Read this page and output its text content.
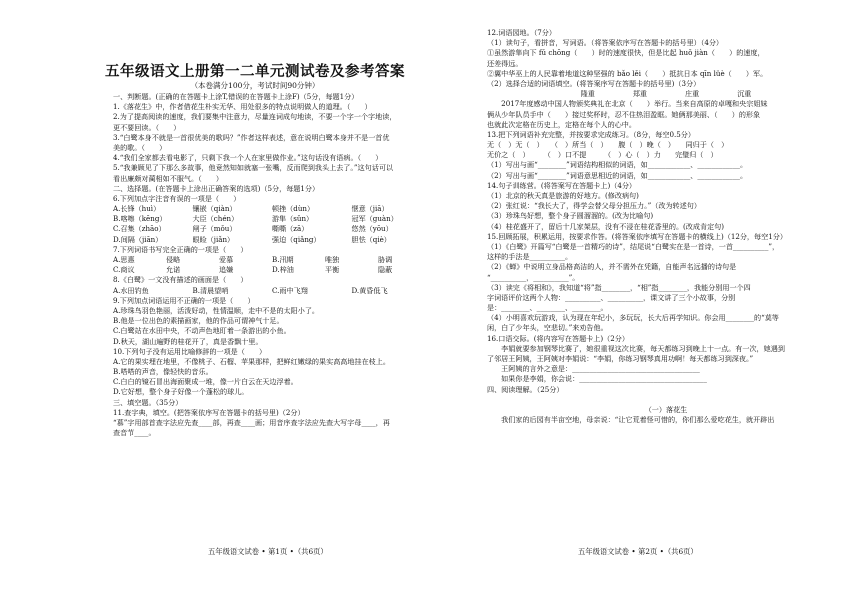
五年级语文上册第一二单元测试卷及参考答案
（本卷满分100分，考试时间90分钟）
一、判断题。(正确的在答题卡上涂T,错误的在答题卡上涂F)（5分，每题1分）
1.《落花生》中，作者借花生朴实无华、用处很多的特点说明做人的道理。（　　）
2.为了提高阅读的速度，我们要集中注意力，尽量连词成句地读，不要一个字一个字地读，
更不要回读。（　　）
3.“白鹭本身不就是一首很优美的歌吗？”作者这样表述，意在说明白鹭本身并不是一首优
美的歌。（　　）
4.“我们全家都去看电影了，只剩下我一个人在家里做作业。”这句话没有语病。（　　）
5.“我兼顾见了下那么多故事，他竟然知如就塞一张嘴，反而爬到我头上去了。”这句话可以
看出廉颇对蔺相如不服气。（　　）
二、选择题。(在答题卡上涂出正确答案的选项)（5分，每题1分）
6.下列加点字注音有误的一项是（　　）
A.长锋（huì）	镶嵌（qiàn）	顿挫（dùn）	惬意（jiā）
B.喀嚓（kēng）	大臣（chén）	游隼（sǔn）	冠军（guàn）
C.召集（zhāo）	闸子（mǒu）	嘶嘶（zā）	悠然（yōu）
D.间隔（jiān）	眼睑（jiǎn）	强迫（qiǎng）	胆怯（qiè）
7.下列词语书写完全正确的一项是（　　）
A.思惠	侵略	爱慕	B.汛期	唯独	胁调
C.商议	允诺	追嫌	D.梓油	平衡	隐蔽
8.《白鹭》一文没有描述的画面是（　　）
A.水田钓鱼	B.清晨望哨	C.雨中飞翔	D.黄昏低飞
9.下列加点词语运用不正确的一项是（　　）
A.珍珠鸟羽色艳丽，活泼好动，性情温顺，走中不是的太阳小了。
B.他是一位出色的素描画家，他的作品可谓神气十足。
C.白鹭站在水田中央，不动声色地盯着一条游出的小鱼。
D.秋天，湖山遍野的桂花开了，真是香飘十里。
10.下列句子没有运用比喻修辞的一项是（　　）
A.它的果实埋在地里，不像桃子、石榴、苹果那样，把鲜红嫩绿的果实高高地挂在枝上。
B.嗒嗒的声音，像轻快的音乐。
C.白白的镜石冒出海面聚成一堆，像一片白云在天边浮着。
D.它好想，整个身子好像一个蓬松的球儿。
三、填空题。（35分）
11.查字典，填空。(把答案依序写在答题卡的括号里)（2分）
“慕”字用部首查字法应先查____部，再查____画；用音序查字法应先查大写字母____，再
查音节____。
五年级语文试卷 • 第1页 •（共6页）
12.词语园地。（7分）
（1）读句子，看拼音，写词语。（将答案依序写在答题卡的括号里）（4分）
①虽然游隼向下 fǔ chōng（　　）时的速度很快，但是比起 huǒ jiàn（　　）的速度，
还差得远。
②翼中华巫上的人民靠着地道这种坚强的 bǎo lěi（　　）抵抗日本 qīn lüè（　　）军。
（2）选择合适的词语填空。(将答案序写在答题卡的括号里)（3分）
隆重	郑重	庄重	沉重
　　2017年度感动中国人物颁奖典礼在北京（　　）举行。当来自高原的卓嘎和央宗姐妹
俩从少年队员手中（　　）接过奖杯时，忍不住热泪盈眶。她俩那美丽、（　　）的形象
也就此次定格在历史上，定格在每个人的心中。
13.把下列词语补充完整，并按要求完成练习。（8分，每空0.5分）
无（　）无（　）　　（　）所当（　）　　腹（　）晚（　）　　同归于（　）
无价之（　）　　　（　）口不提　　　（　）心（　）力　　完璧归（　）
（1）写出与画“________”词语结构相似的词语，如____________、____________。
（2）写出与画“________”词语意思相近的词语，如____________、____________。
14.句子训练营。(将答案写在答题卡上)（4分）
（1）北京的秋天真是旅游的好地方。(修改病句)
（2）张红说：“我长大了，得学会替父母分担压力。”（改为转述句）
（3）珍珠鸟好想，整个身子圆溜溜的。(改为比喻句)
（4）桂花盛开了，留后十几家架层，没有不浸在桂花香里的。(改成肯定句)
15.回顾拓展，积累运用，按要求作答。(将答案依序填写在答题卡的横线上)（12分，每空1分）
（1）《白鹭》开篇写“白鹭是一首精巧的诗”，结尾说“白鹭实在是一首诗，一首__________”，
这样的手法是__________。
（2）《蝉》中说明立身品格高洁的人，并不需外在凭籍，自能声名远播的诗句是
“__________，__________”。
（3）读完《将相和》，我知道“将”指________，“相”指________，我能分别用一个四
字词语评价这两个人物：__________、__________，课文讲了三个小故事，分别
是：________、________、________。
（4）小明喜欢玩游戏，认为现在年纪小，多玩玩，长大后再学知识。你会用________的“莫等
闲，白了少年头，空悲切。”来劝告他。
16.口语交际。(将内容写在答题卡上)（2分）
　　李娟就要参加钢琴比赛了，她很重视这次比赛，每天都练习到晚上十一点。有一次，她遇到
了邻居王阿姨，王阿姨对李娟说：“李娟，你练习钢琴真用功啊！每天都练习到深夜。”
　　王阿姨的言外之意是：____________________________________
　　如果你是李娟，你会说：____________________________________
四、阅读理解。（25分）
（一）落花生
　　我们家的后园有半亩空地，母亲说：“让它荒着怪可惜的，你们那么爱吃花生，就开辟出
五年级语文试卷 • 第2页 •（共6页）
